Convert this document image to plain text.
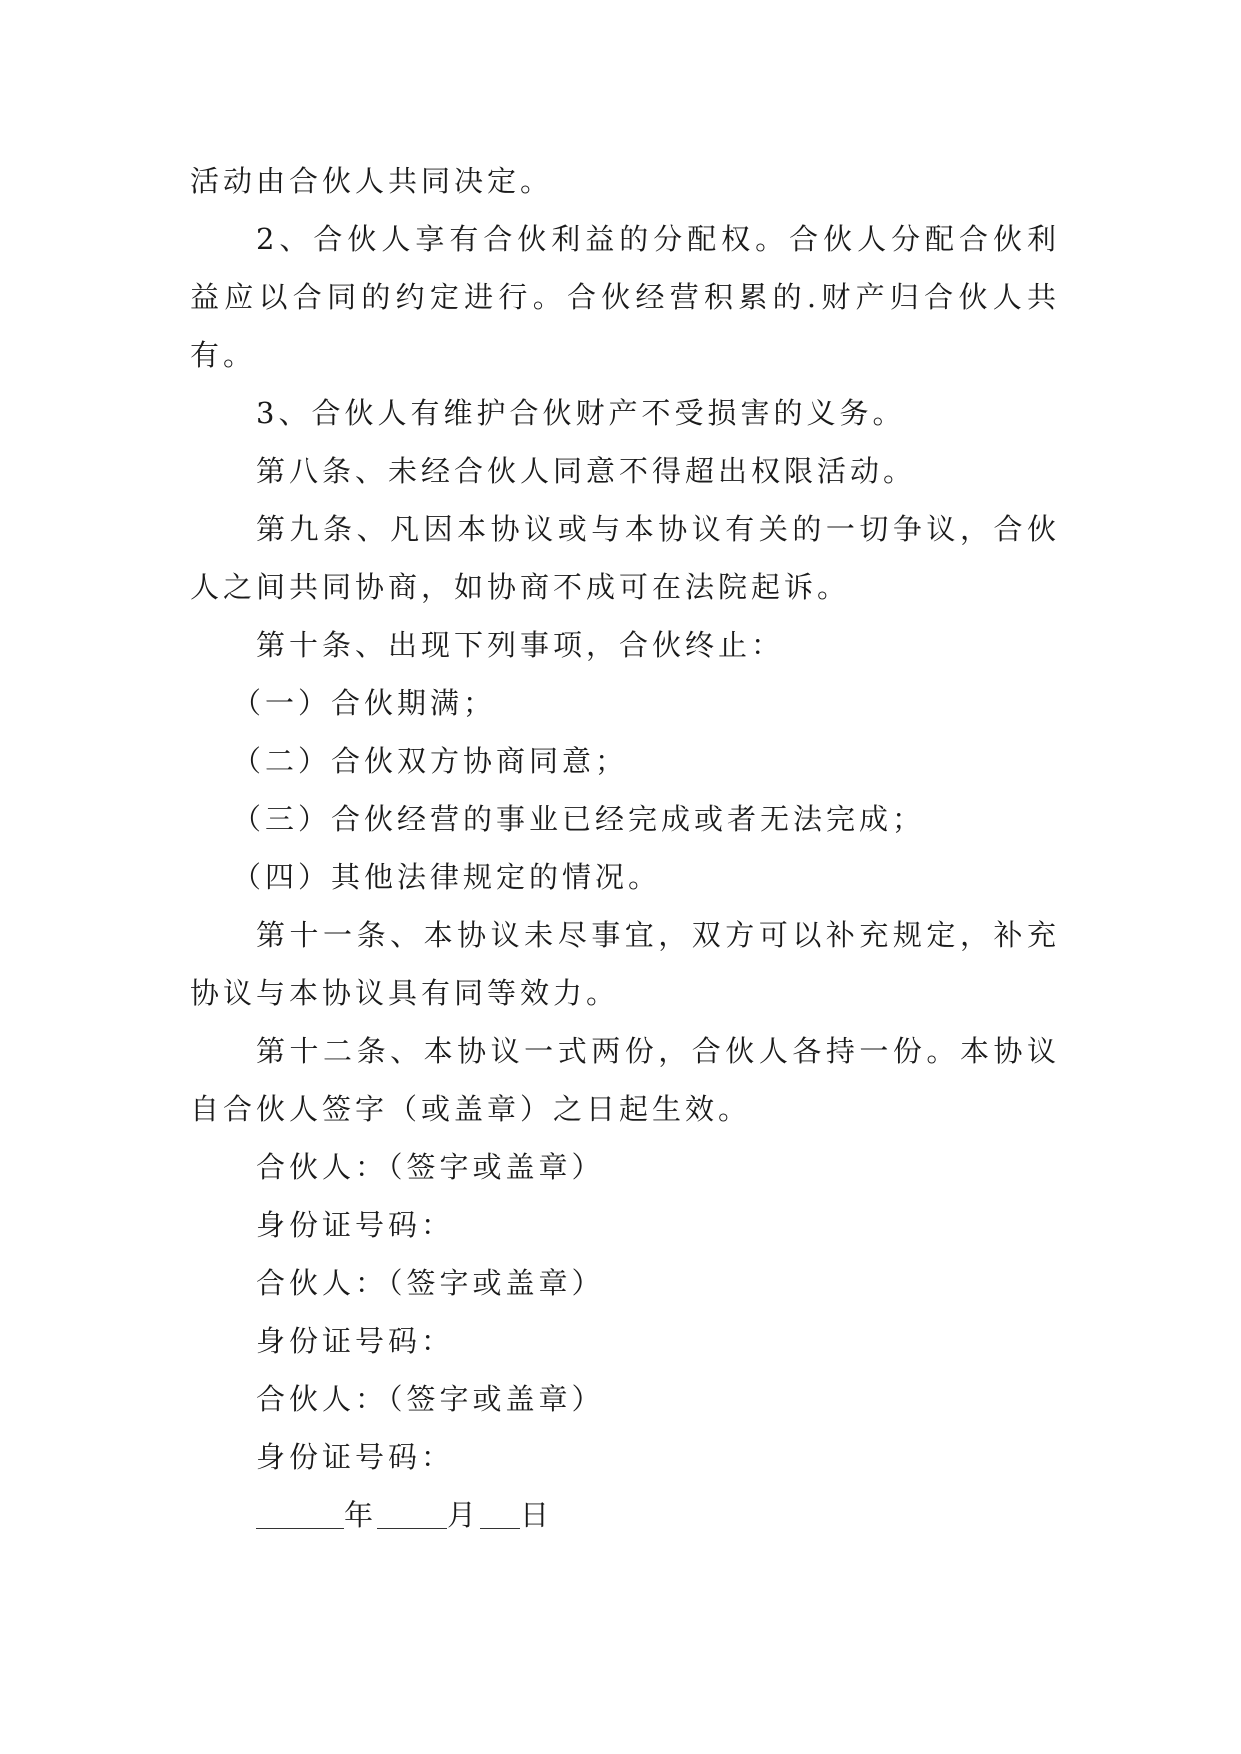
活动由合伙人共同决定。

2、合伙人享有合伙利益的分配权。合伙人分配合伙利益应以合同的约定进行。合伙经营积累的.财产归合伙人共有。

3、合伙人有维护合伙财产不受损害的义务。

第八条、未经合伙人同意不得超出权限活动。

第九条、凡因本协议或与本协议有关的一切争议，合伙人之间共同协商，如协商不成可在法院起诉。

第十条、出现下列事项，合伙终止：

（一）合伙期满；

（二）合伙双方协商同意；

（三）合伙经营的事业已经完成或者无法完成；

（四）其他法律规定的情况。

第十一条、本协议未尽事宜，双方可以补充规定，补充协议与本协议具有同等效力。

第十二条、本协议一式两份，合伙人各持一份。本协议自合伙人签字（或盖章）之日起生效。

合伙人：（签字或盖章）

身份证号码：

合伙人：（签字或盖章）

身份证号码：

合伙人：（签字或盖章）

身份证号码：

年 月 日
